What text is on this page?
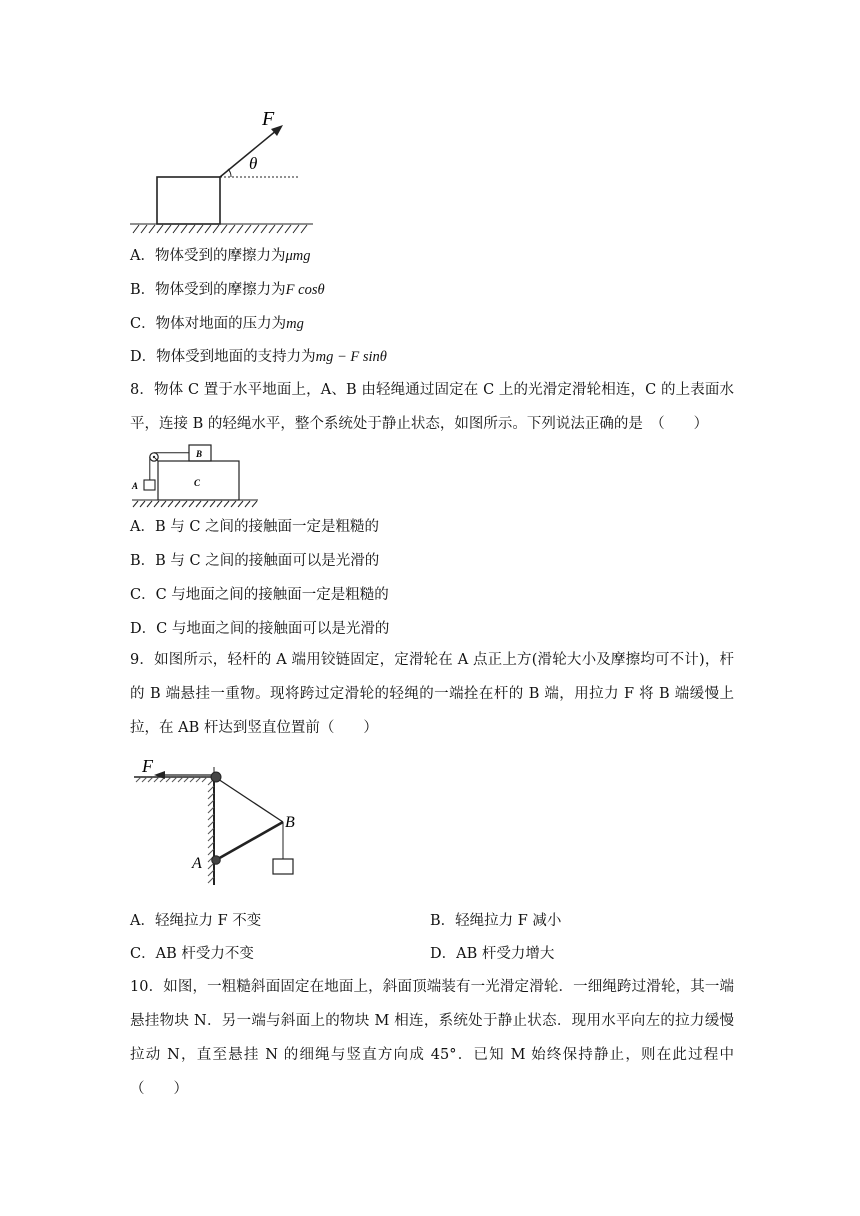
F
θ
A．物体受到的摩擦力为μmg
B．物体受到的摩擦力为F cosθ
C．物体对地面的压力为mg
D．物体受到地面的支持力为mg − F sinθ
8．物体 C 置于水平地面上，A、B 由轻绳通过固定在 C 上的光滑定滑轮相连，C 的上表面水平，连接 B 的轻绳水平，整个系统处于静止状态，如图所示。下列说法正确的是　（　　）
A
B
C
A．B 与 C 之间的接触面一定是粗糙的
B．B 与 C 之间的接触面可以是光滑的
C．C 与地面之间的接触面一定是粗糙的
D．C 与地面之间的接触面可以是光滑的
9．如图所示，轻杆的 A 端用铰链固定，定滑轮在 A 点正上方(滑轮大小及摩擦均可不计)，杆的 B 端悬挂一重物。现将跨过定滑轮的轻绳的一端拴在杆的 B 端，用拉力 F 将 B 端缓慢上拉，在 AB 杆达到竖直位置前（　　）
F
A
B
A．轻绳拉力 F 不变	B．轻绳拉力 F 减小
C．AB 杆受力不变	D．AB 杆受力增大
10．如图，一粗糙斜面固定在地面上，斜面顶端装有一光滑定滑轮．一细绳跨过滑轮，其一端悬挂物块 N．另一端与斜面上的物块 M 相连，系统处于静止状态．现用水平向左的拉力缓慢拉动 N，直至悬挂 N 的细绳与竖直方向成 45°．已知 M 始终保持静止，则在此过程中（　　）
